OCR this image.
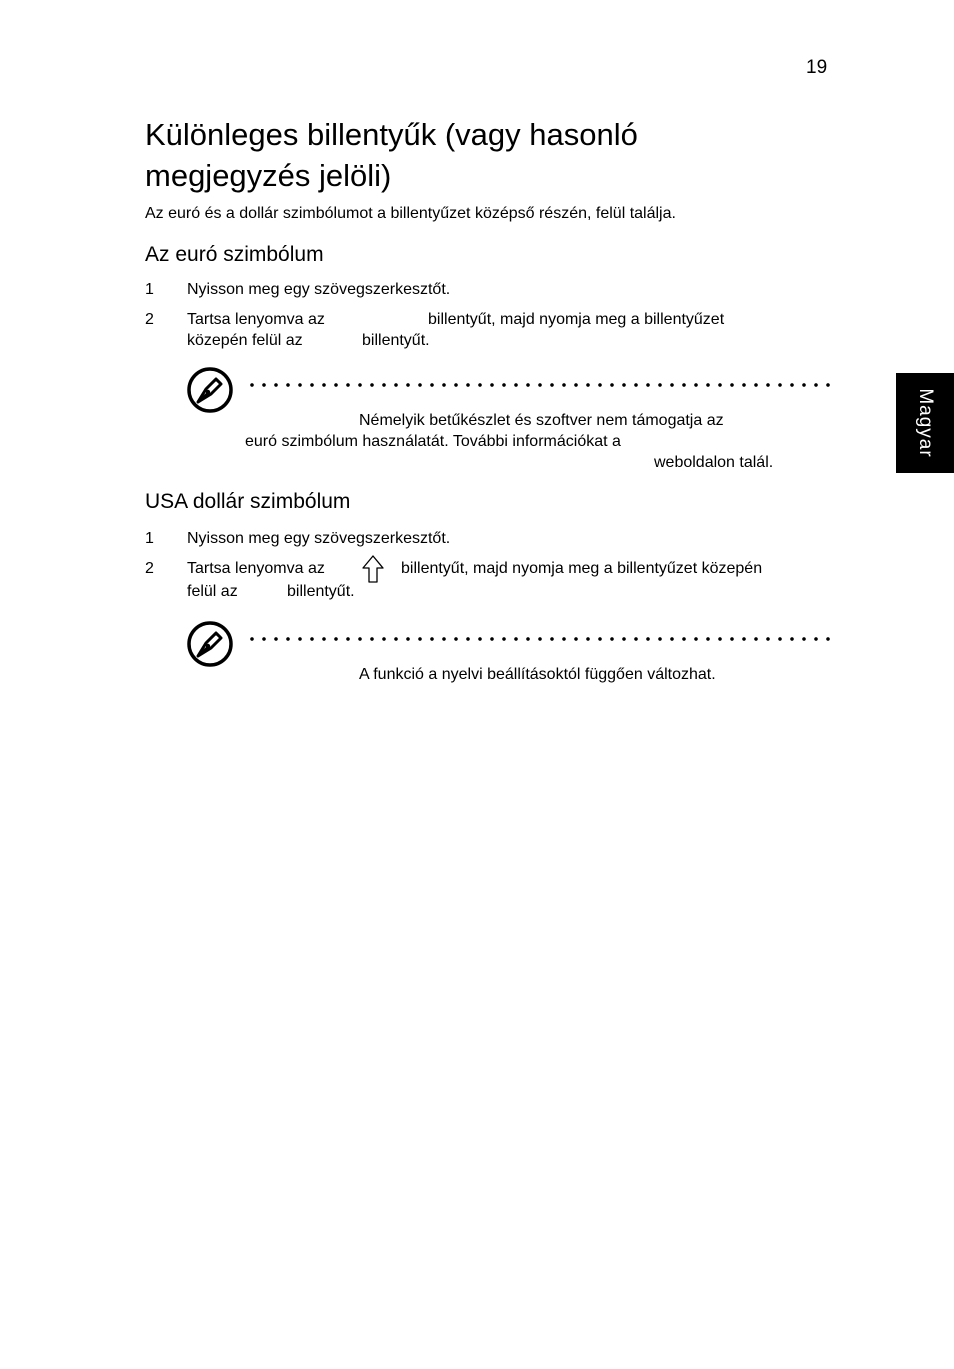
19
Magyar
Különleges billentyűk (vagy hasonló megjegyzés jelöli)
Az euró és a dollár szimbólumot a billentyűzet középső részén, felül találja.
Az euró szimbólum
1 Nyisson meg egy szövegszerkesztőt.
2 Tartsa lenyomva az	billentyűt, majd nyomja meg a billentyűzet
közepén felül az	billentyűt.
Némelyik betűkészlet és szoftver nem támogatja az
euró szimbólum használatát. További információkat a
weboldalon talál.
USA dollár szimbólum
1 Nyisson meg egy szövegszerkesztőt.
2 Tartsa lenyomva az	billentyűt, majd nyomja meg a billentyűzet közepén
felül az	billentyűt.
A funkció a nyelvi beállításoktól függően változhat.
